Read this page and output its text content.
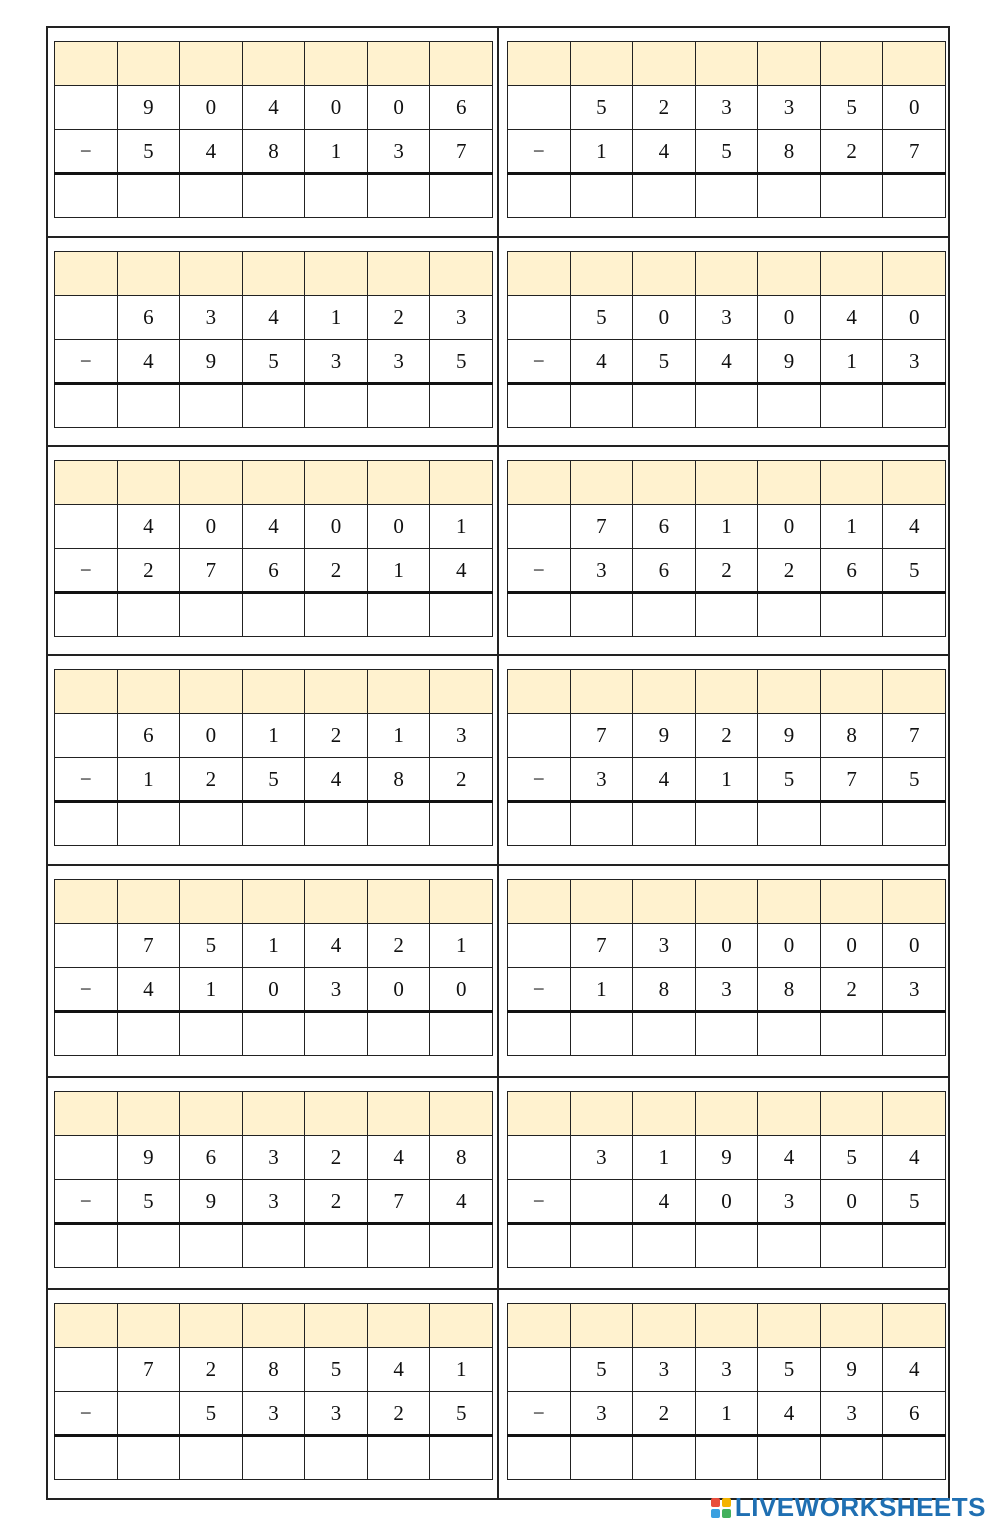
	9	0	4	0	0	6
−	5	4	8	1	3	7

	5	2	3	3	5	0
−	1	4	5	8	2	7

	6	3	4	1	2	3
−	4	9	5	3	3	5

	5	0	3	0	4	0
−	4	5	4	9	1	3

	4	0	4	0	0	1
−	2	7	6	2	1	4

	7	6	1	0	1	4
−	3	6	2	2	6	5

	6	0	1	2	1	3
−	1	2	5	4	8	2

	7	9	2	9	8	7
−	3	4	1	5	7	5

	7	5	1	4	2	1
−	4	1	0	3	0	0

	7	3	0	0	0	0
−	1	8	3	8	2	3

	9	6	3	2	4	8
−	5	9	3	2	7	4

	3	1	9	4	5	4
−		4	0	3	0	5

	7	2	8	5	4	1
−		5	3	3	2	5

	5	3	3	5	9	4
−	3	2	1	4	3	6

LIVEWORKSHEETS
